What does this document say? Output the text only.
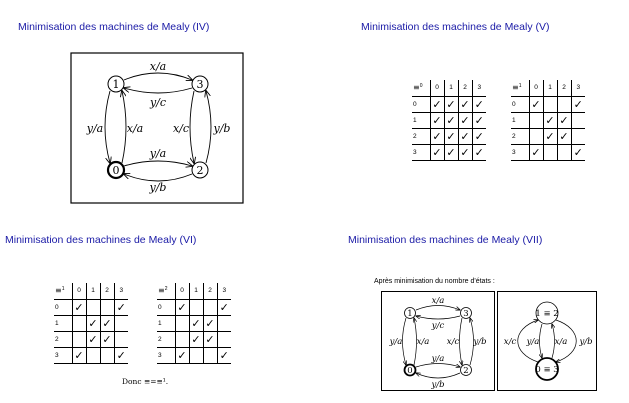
Minimisation des machines de Mealy (IV)	Minimisation des machines de Mealy (V)
Minimisation des machines de Mealy (VI)	Minimisation des machines de Mealy (VII)
1	3
0	2
x/a
y/c
y/a x/a	x/c y/b
y/a
y/b
≡$^0$	0	1	2	3
0	✓	✓	✓	✓
1	✓	✓	✓	✓
2	✓	✓	✓	✓
3	✓	✓	✓	✓
≡$^1$	0	1	2	3
0	✓			✓
1		✓	✓	
2		✓	✓	
3	✓			✓
≡$^1$	0	1	2	3
0	✓			✓
1		✓	✓	
2		✓	✓	
3	✓			✓
≡$^2$	0	1	2	3
0	✓			✓
1		✓	✓	
2		✓	✓	
3	✓			✓
Donc ≡=≡¹.
Après minimisation du nombre d'états :
1	3
0	2
x/a
y/c
y/a x/a x/c y/b
y/a
y/b
1 ≡ 2
0 ≡ 3
x/c y/a x/a y/b
